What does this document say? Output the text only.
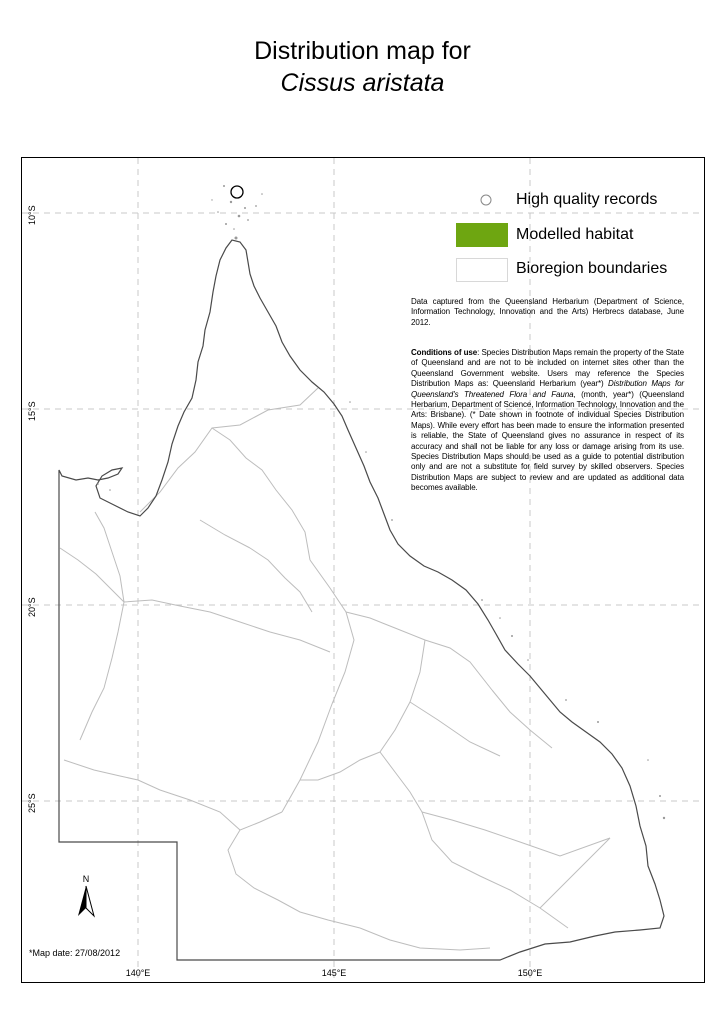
Distribution map for
Cissus aristata
10°S
15°S
20°S
25°S
140°E	145°E	150°E
High quality records
Modelled habitat
Bioregion boundaries
Data captured from the Queensland Herbarium (Department of Science, Information Technology, Innovation and the Arts) Herbrecs database, June 2012.
Conditions of use: Species Distribution Maps remain the property of the State of Queensland and are not to be included on internet sites other than the Queensland Government website. Users may reference the Species Distribution Maps as: Queensland Herbarium (year*) Distribution Maps for Queensland's Threatened Flora and Fauna, (month, year*) (Queensland Herbarium, Department of Science, Information Technology, Innovation and the Arts: Brisbane). (* Date shown in footnote of individual Species Distribution Maps). While every effort has been made to ensure the information presented is reliable, the State of Queensland gives no assurance in respect of its accuracy and shall not be liable for any loss or damage arising from its use. Species Distribution Maps should be used as a guide to potential distribution only and are not a substitute for field survey by skilled observers. Species Distribution Maps are subject to review and are updated as additional data becomes available.
N
*Map date: 27/08/2012
